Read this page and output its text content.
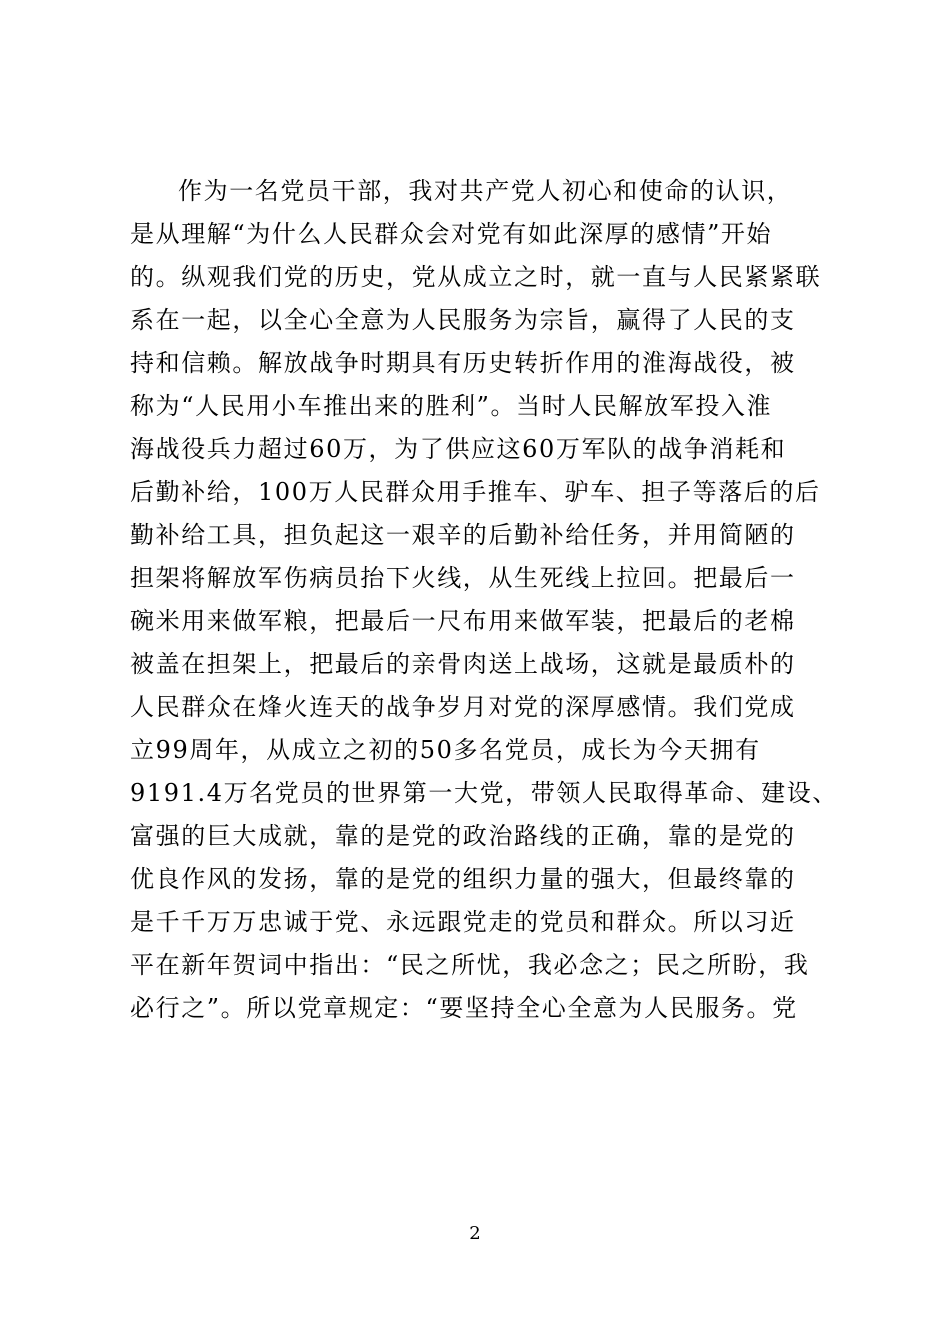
作为一名党员干部，我对共产党人初心和使命的认识，
是从理解“为什么人民群众会对党有如此深厚的感情”开始
的。纵观我们党的历史，党从成立之时，就一直与人民紧紧联
系在一起，以全心全意为人民服务为宗旨，赢得了人民的支
持和信赖。解放战争时期具有历史转折作用的淮海战役，被
称为“人民用小车推出来的胜利”。当时人民解放军投入淮
海战役兵力超过60万，为了供应这60万军队的战争消耗和
后勤补给，100万人民群众用手推车、驴车、担子等落后的后
勤补给工具，担负起这一艰辛的后勤补给任务，并用简陋的
担架将解放军伤病员抬下火线，从生死线上拉回。把最后一
碗米用来做军粮，把最后一尺布用来做军装，把最后的老棉
被盖在担架上，把最后的亲骨肉送上战场，这就是最质朴的
人民群众在烽火连天的战争岁月对党的深厚感情。我们党成
立99周年，从成立之初的50多名党员，成长为今天拥有
9191.4万名党员的世界第一大党，带领人民取得革命、建设、
富强的巨大成就，靠的是党的政治路线的正确，靠的是党的
优良作风的发扬，靠的是党的组织力量的强大，但最终靠的
是千千万万忠诚于党、永远跟党走的党员和群众。所以习近
平在新年贺词中指出：“民之所忧，我必念之；民之所盼，我
必行之”。所以党章规定：“要坚持全心全意为人民服务。党
2
